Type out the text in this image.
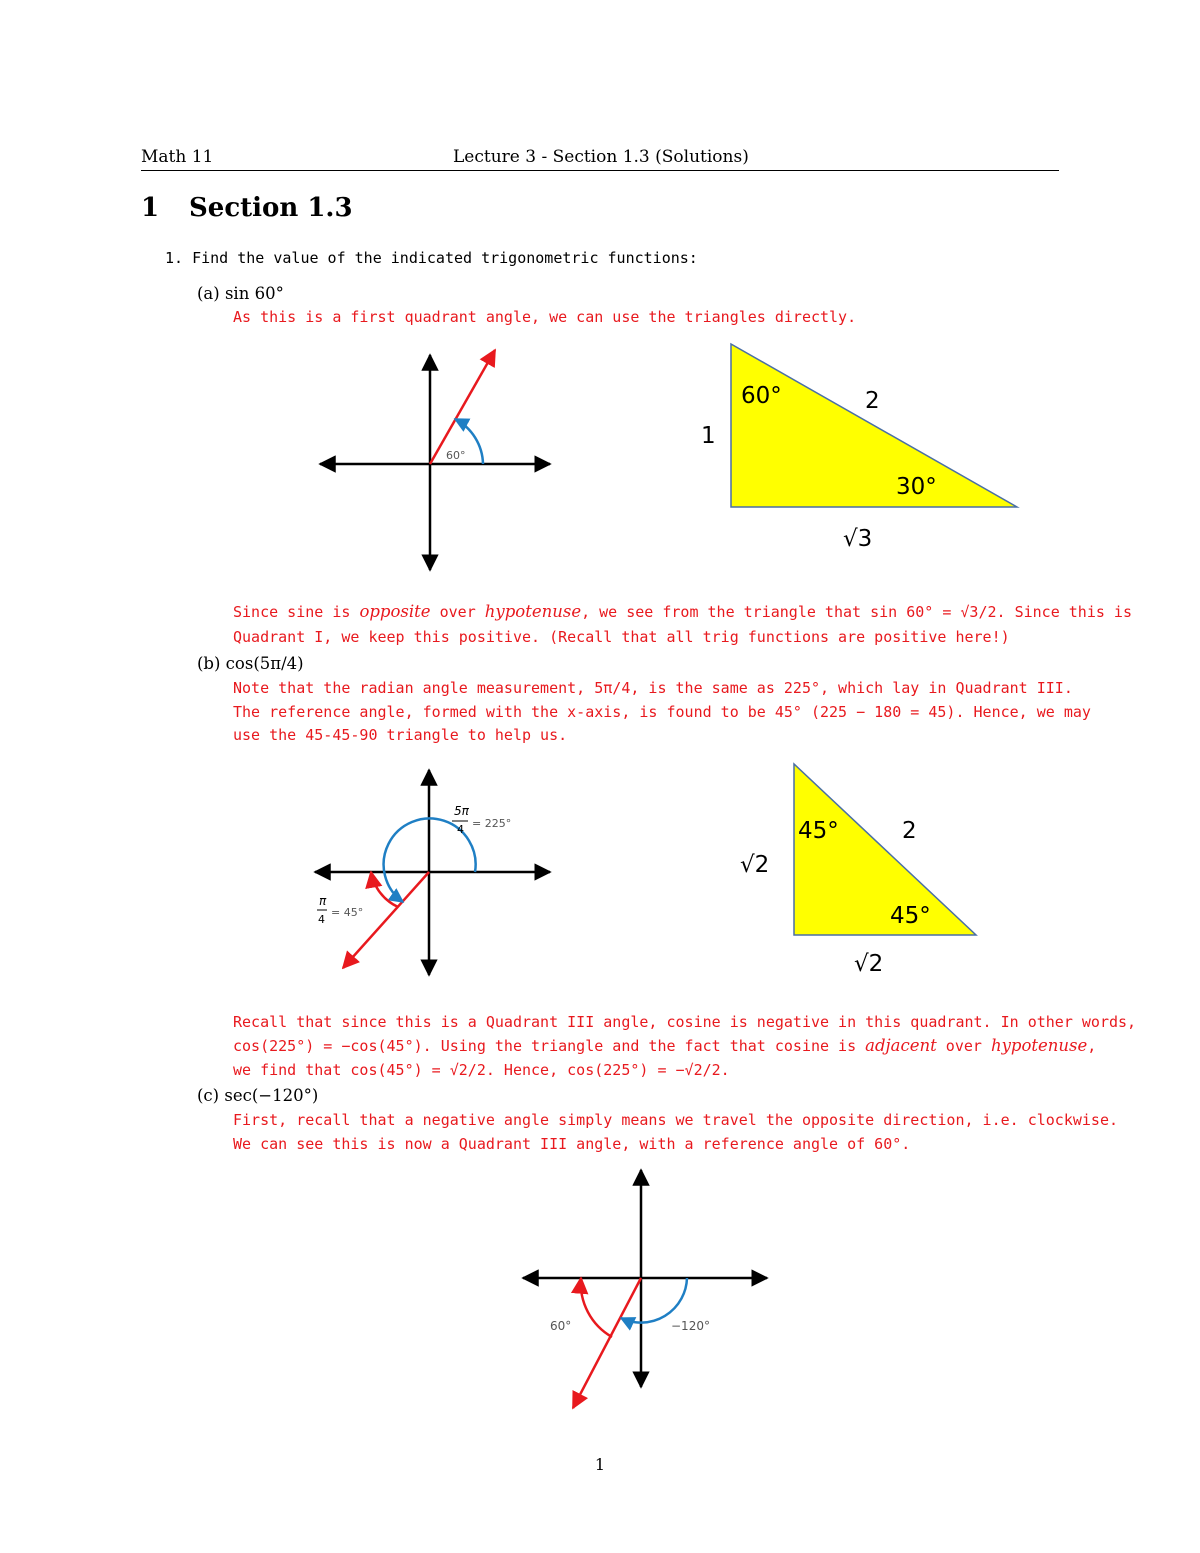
Math 11	Lecture 3 - Section 1.3 (Solutions)
1 Section 1.3
1. Find the value of the indicated trigonometric functions:
(a) sin 60°
As this is a first quadrant angle, we can use the triangles directly.
60°
60°
30°
2
1
√3
Since sine is opposite over hypotenuse, we see from the triangle that sin 60° = √3/2. Since this is
Quadrant I, we keep this positive. (Recall that all trig functions are positive here!)
(b) cos(5π/4)
Note that the radian angle measurement, 5π/4, is the same as 225°, which lay in Quadrant III.
The reference angle, formed with the x-axis, is found to be 45° (225 − 180 = 45). Hence, we may
use the 45-45-90 triangle to help us.
5π
4 = 225°
π
4
= 45°
45°
45°
2
√2
√2
Recall that since this is a Quadrant III angle, cosine is negative in this quadrant. In other words,
cos(225°) = −cos(45°). Using the triangle and the fact that cosine is adjacent over hypotenuse,
we find that cos(45°) = √2/2. Hence, cos(225°) = −√2/2.
(c) sec(−120°)
First, recall that a negative angle simply means we travel the opposite direction, i.e. clockwise.
We can see this is now a Quadrant III angle, with a reference angle of 60°.
60°	−120°
1
